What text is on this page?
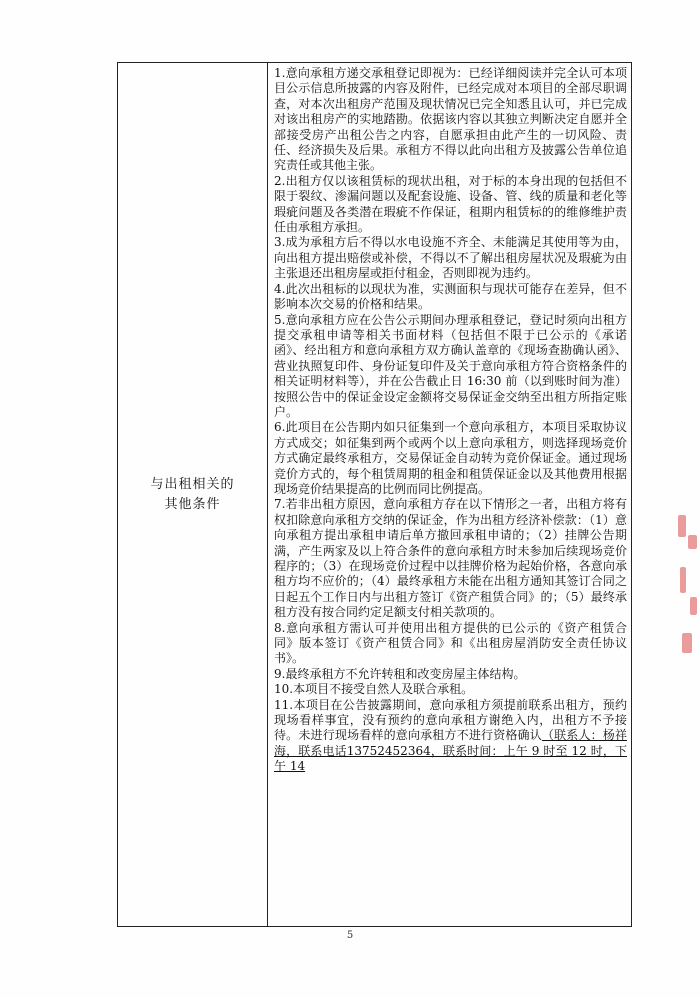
与出租相关的
其他条件

1.意向承租方递交承租登记即视为：已经详细阅读并完全认可本项目公示信息所披露的内容及附件，已经完成对本项目的全部尽职调查，对本次出租房产范围及现状情况已完全知悉且认可，并已完成对该出租房产的实地踏勘。依据该内容以其独立判断决定自愿并全部接受房产出租公告之内容，自愿承担由此产生的一切风险、责任、经济损失及后果。承租方不得以此向出租方及披露公告单位追究责任或其他主张。

2.出租方仅以该租赁标的现状出租，对于标的本身出现的包括但不限于裂纹、渗漏问题以及配套设施、设备、管、线的质量和老化等瑕疵问题及各类潜在瑕疵不作保证，租期内租赁标的的维修维护责任由承租方承担。

3.成为承租方后不得以水电设施不齐全、未能满足其使用等为由，向出租方提出赔偿或补偿，不得以不了解出租房屋状况及瑕疵为由主张退还出租房屋或拒付租金，否则即视为违约。

4.此次出租标的以现状为准，实测面积与现状可能存在差异，但不影响本次交易的价格和结果。

5.意向承租方应在公告公示期间办理承租登记，登记时须向出租方提交承租申请等相关书面材料（包括但不限于已公示的《承诺函》、经出租方和意向承租方双方确认盖章的《现场查勘确认函》、营业执照复印件、身份证复印件及关于意向承租方符合资格条件的相关证明材料等），并在公告截止日 16:30 前（以到账时间为准）按照公告中的保证金设定金额将交易保证金交纳至出租方所指定账户。

6.此项目在公告期内如只征集到一个意向承租方，本项目采取协议方式成交；如征集到两个或两个以上意向承租方，则选择现场竞价方式确定最终承租方，交易保证金自动转为竞价保证金。通过现场竞价方式的，每个租赁周期的租金和租赁保证金以及其他费用根据现场竞价结果提高的比例而同比例提高。

7.若非出租方原因，意向承租方存在以下情形之一者，出租方将有权扣除意向承租方交纳的保证金，作为出租方经济补偿款：（1）意向承租方提出承租申请后单方撤回承租申请的；（2）挂牌公告期满，产生两家及以上符合条件的意向承租方时未参加后续现场竞价程序的；（3）在现场竞价过程中以挂牌价格为起始价格，各意向承租方均不应价的；（4）最终承租方未能在出租方通知其签订合同之日起五个工作日内与出租方签订《资产租赁合同》的；（5）最终承租方没有按合同约定足额支付相关款项的。

8.意向承租方需认可并使用出租方提供的已公示的《资产租赁合同》版本签订《资产租赁合同》和《出租房屋消防安全责任协议书》。

9.最终承租方不允许转租和改变房屋主体结构。

10.本项目不接受自然人及联合承租。

11.本项目在公告披露期间，意向承租方须提前联系出租方，预约现场看样事宜，没有预约的意向承租方谢绝入内，出租方不予接待。未进行现场看样的意向承租方不进行资格确认（联系人：杨祥海，联系电话13752452364，联系时间：上午 9 时至 12 时，下午 14

5
